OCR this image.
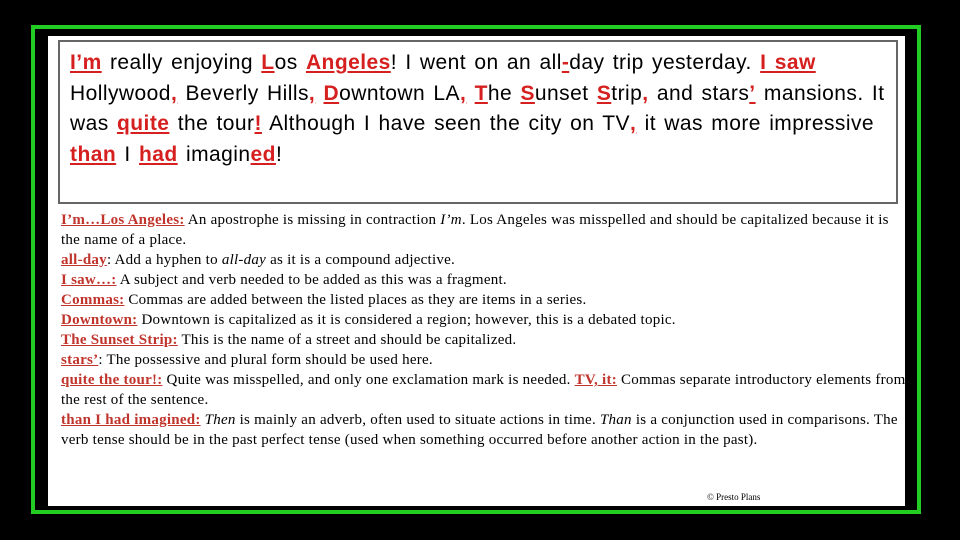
I’m really enjoying Los Angeles! I went on an all-day trip yesterday. I saw Hollywood, Beverly Hills, Downtown LA, The Sunset Strip, and stars’ mansions. It was quite the tour! Although I have seen the city on TV, it was more impressive than I had imagined!

I’m…Los Angeles: An apostrophe is missing in contraction I’m. Los Angeles was misspelled and should be capitalized because it is the name of a place.
all-day: Add a hyphen to all-day as it is a compound adjective.
I saw…: A subject and verb needed to be added as this was a fragment.
Commas: Commas are added between the listed places as they are items in a series.
Downtown: Downtown is capitalized as it is considered a region; however, this is a debated topic.
The Sunset Strip: This is the name of a street and should be capitalized.
stars’: The possessive and plural form should be used here.
quite the tour!: Quite was misspelled, and only one exclamation mark is needed. TV, it: Commas separate introductory elements from the rest of the sentence.
than I had imagined: Then is mainly an adverb, often used to situate actions in time. Than is a conjunction used in comparisons. The verb tense should be in the past perfect tense (used when something occurred before another action in the past).
© Presto Plans
